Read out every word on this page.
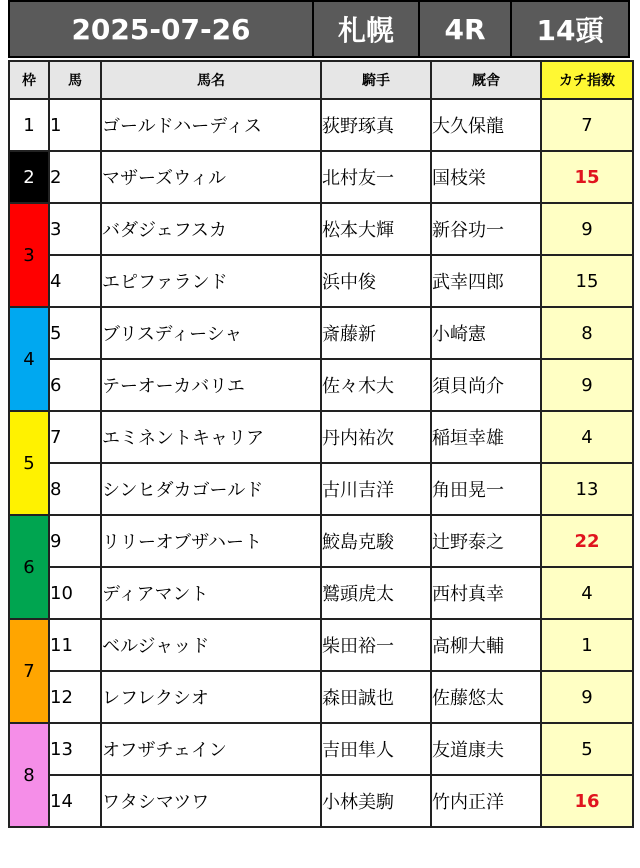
2025-07-26	札幌	4R	14頭
枠	馬	馬名	騎手	厩舎	カチ指数
1	1	ゴールドハーディス	荻野琢真	大久保龍	7
2	2	マザーズウィル	北村友一	国枝栄	15
3	3	バダジェフスカ	松本大輝	新谷功一	9
	4	エピファランド	浜中俊	武幸四郎	15
4	5	ブリスディーシャ	斎藤新	小崎憲	8
	6	テーオーカバリエ	佐々木大	須貝尚介	9
5	7	エミネントキャリア	丹内祐次	稲垣幸雄	4
	8	シンヒダカゴールド	古川吉洋	角田晃一	13
6	9	リリーオブザハート	鮫島克駿	辻野泰之	22
	10	ディアマント	鷲頭虎太	西村真幸	4
7	11	ベルジャッド	柴田裕一	高柳大輔	1
	12	レフレクシオ	森田誠也	佐藤悠太	9
8	13	オフザチェイン	吉田隼人	友道康夫	5
	14	ワタシマツワ	小林美駒	竹内正洋	16
